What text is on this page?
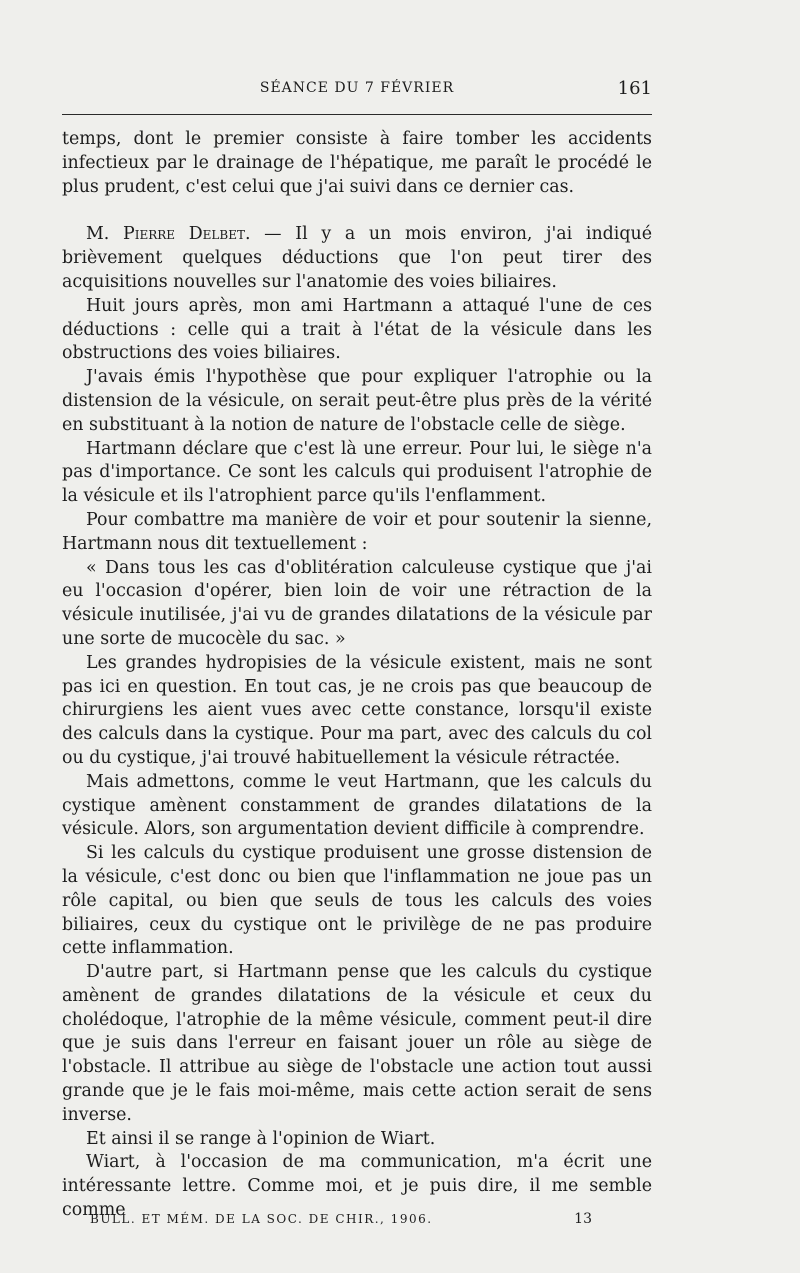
SÉANCE DU 7 FÉVRIER	161

temps, dont le premier consiste à faire tomber les accidents infectieux par le drainage de l'hépatique, me paraît le procédé le plus prudent, c'est celui que j'ai suivi dans ce dernier cas.

M. Pierre Delbet. — Il y a un mois environ, j'ai indiqué brièvement quelques déductions que l'on peut tirer des acquisitions nouvelles sur l'anatomie des voies biliaires.

Huit jours après, mon ami Hartmann a attaqué l'une de ces déductions : celle qui a trait à l'état de la vésicule dans les obstructions des voies biliaires.

J'avais émis l'hypothèse que pour expliquer l'atrophie ou la distension de la vésicule, on serait peut-être plus près de la vérité en substituant à la notion de nature de l'obstacle celle de siège.

Hartmann déclare que c'est là une erreur. Pour lui, le siège n'a pas d'importance. Ce sont les calculs qui produisent l'atrophie de la vésicule et ils l'atrophient parce qu'ils l'enflamment.

Pour combattre ma manière de voir et pour soutenir la sienne, Hartmann nous dit textuellement :

« Dans tous les cas d'oblitération calculeuse cystique que j'ai eu l'occasion d'opérer, bien loin de voir une rétraction de la vésicule inutilisée, j'ai vu de grandes dilatations de la vésicule par une sorte de mucocèle du sac. »

Les grandes hydropisies de la vésicule existent, mais ne sont pas ici en question. En tout cas, je ne crois pas que beaucoup de chirurgiens les aient vues avec cette constance, lorsqu'il existe des calculs dans la cystique. Pour ma part, avec des calculs du col ou du cystique, j'ai trouvé habituellement la vésicule rétractée.

Mais admettons, comme le veut Hartmann, que les calculs du cystique amènent constamment de grandes dilatations de la vésicule. Alors, son argumentation devient difficile à comprendre.

Si les calculs du cystique produisent une grosse distension de la vésicule, c'est donc ou bien que l'inflammation ne joue pas un rôle capital, ou bien que seuls de tous les calculs des voies biliaires, ceux du cystique ont le privilège de ne pas produire cette inflammation.

D'autre part, si Hartmann pense que les calculs du cystique amènent de grandes dilatations de la vésicule et ceux du cholédoque, l'atrophie de la même vésicule, comment peut-il dire que je suis dans l'erreur en faisant jouer un rôle au siège de l'obstacle. Il attribue au siège de l'obstacle une action tout aussi grande que je le fais moi-même, mais cette action serait de sens inverse.

Et ainsi il se range à l'opinion de Wiart.

Wiart, à l'occasion de ma communication, m'a écrit une intéressante lettre. Comme moi, et je puis dire, il me semble comme

BULL. ET MÉM. DE LA SOC. DE CHIR., 1906.	13
